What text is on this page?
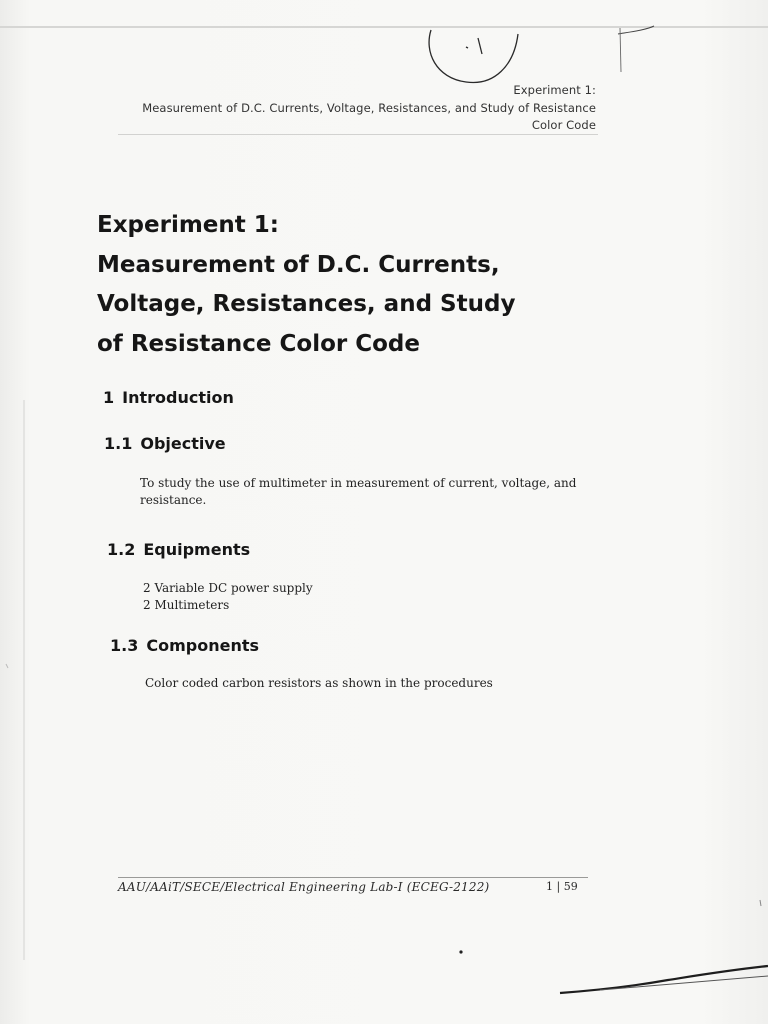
Experiment 1:
Measurement of D.C. Currents, Voltage, Resistances, and Study of Resistance
Color Code
Experiment 1:
Measurement of D.C. Currents,
Voltage, Resistances, and Study
of Resistance Color Code
1 Introduction
1.1 Objective

To study the use of multimeter in measurement of current, voltage, and
resistance.

1.2 Equipments

2 Variable DC power supply
2 Multimeters

1.3 Components

Color coded carbon resistors as shown in the procedures

AAU/AAiT/SECE/Electrical Engineering Lab-I (ECEG-2122)	1 | 59
